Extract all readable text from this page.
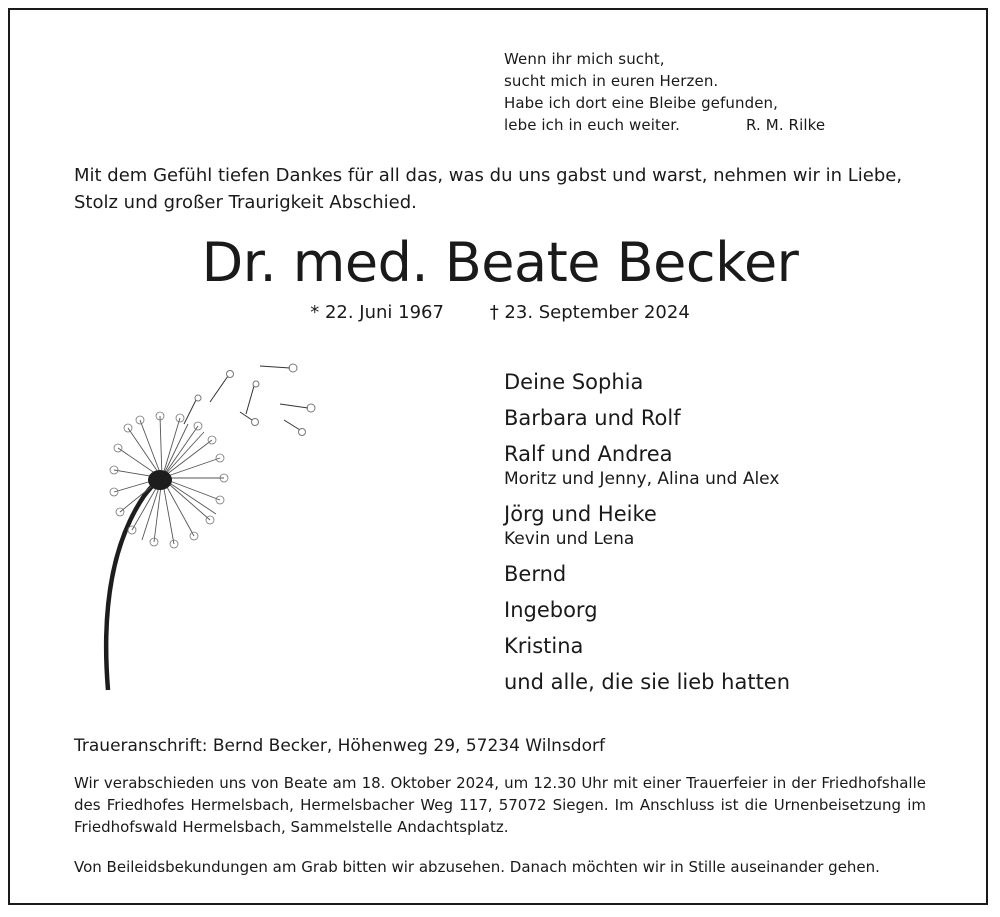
Wenn ihr mich sucht,
sucht mich in euren Herzen.
Habe ich dort eine Bleibe gefunden,
lebe ich in euch weiter.	R. M. Rilke
Mit dem Gefühl tiefen Dankes für all das, was du uns gabst und warst, nehmen wir in Liebe, Stolz und großer Traurigkeit Abschied.
Dr. med. Beate Becker
* 22. Juni 1967	† 23. September 2024
Deine Sophia
Barbara und Rolf
Ralf und Andrea
Moritz und Jenny, Alina und Alex
Jörg und Heike
Kevin und Lena
Bernd
Ingeborg
Kristina
und alle, die sie lieb hatten
Traueranschrift: Bernd Becker, Höhenweg 29, 57234 Wilnsdorf
Wir verabschieden uns von Beate am 18. Oktober 2024, um 12.30 Uhr mit einer Trauerfeier in der Friedhofshalle des Friedhofes Hermelsbach, Hermelsbacher Weg 117, 57072 Siegen. Im Anschluss ist die Urnenbeisetzung im Friedhofswald Hermelsbach, Sammelstelle Andachtsplatz.
Von Beileidsbekundungen am Grab bitten wir abzusehen. Danach möchten wir in Stille auseinander gehen.
